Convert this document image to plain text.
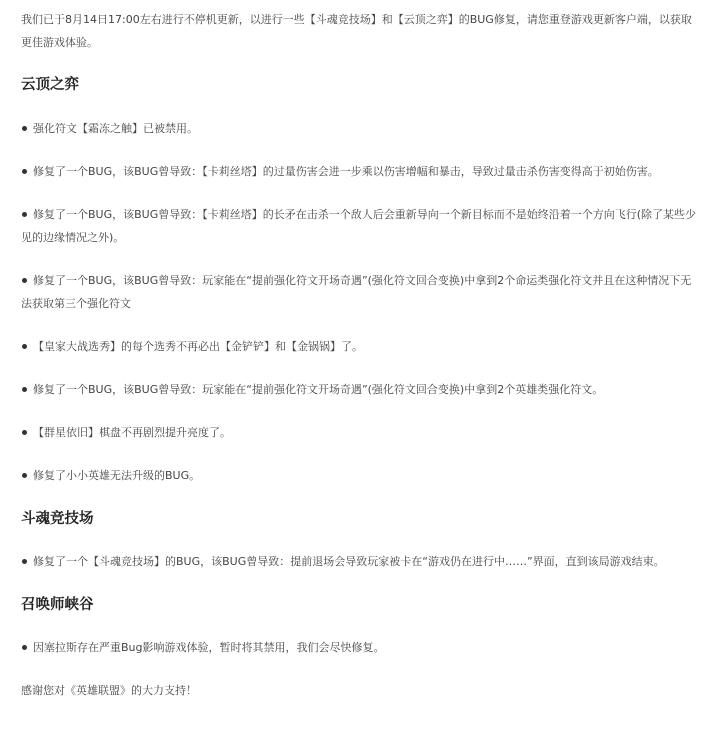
我们已于8月14日17:00左右进行不停机更新，以进行一些【斗魂竞技场】和【云顶之弈】的BUG修复，请您重登游戏更新客户端，以获取更佳游戏体验。

云顶之弈

强化符文【霜冻之触】已被禁用。

修复了一个BUG，该BUG曾导致：【卡莉丝塔】的过量伤害会进一步乘以伤害增幅和暴击，导致过量击杀伤害变得高于初始伤害。

修复了一个BUG，该BUG曾导致：【卡莉丝塔】的长矛在击杀一个敌人后会重新导向一个新目标而不是始终沿着一个方向飞行(除了某些少见的边缘情况之外)。

修复了一个BUG，该BUG曾导致：玩家能在“提前强化符文开场奇遇”(强化符文回合变换)中拿到2个命运类强化符文并且在这种情况下无法获取第三个强化符文

【皇家大战选秀】的每个选秀不再必出【金铲铲】和【金锅锅】了。

修复了一个BUG，该BUG曾导致：玩家能在“提前强化符文开场奇遇”(强化符文回合变换)中拿到2个英雄类强化符文。

【群星依旧】棋盘不再剧烈提升亮度了。

修复了小小英雄无法升级的BUG。

斗魂竞技场

修复了一个【斗魂竞技场】的BUG，该BUG曾导致：提前退场会导致玩家被卡在“游戏仍在进行中……”界面，直到该局游戏结束。

召唤师峡谷

因塞拉斯存在严重Bug影响游戏体验，暂时将其禁用，我们会尽快修复。

感谢您对《英雄联盟》的大力支持！
